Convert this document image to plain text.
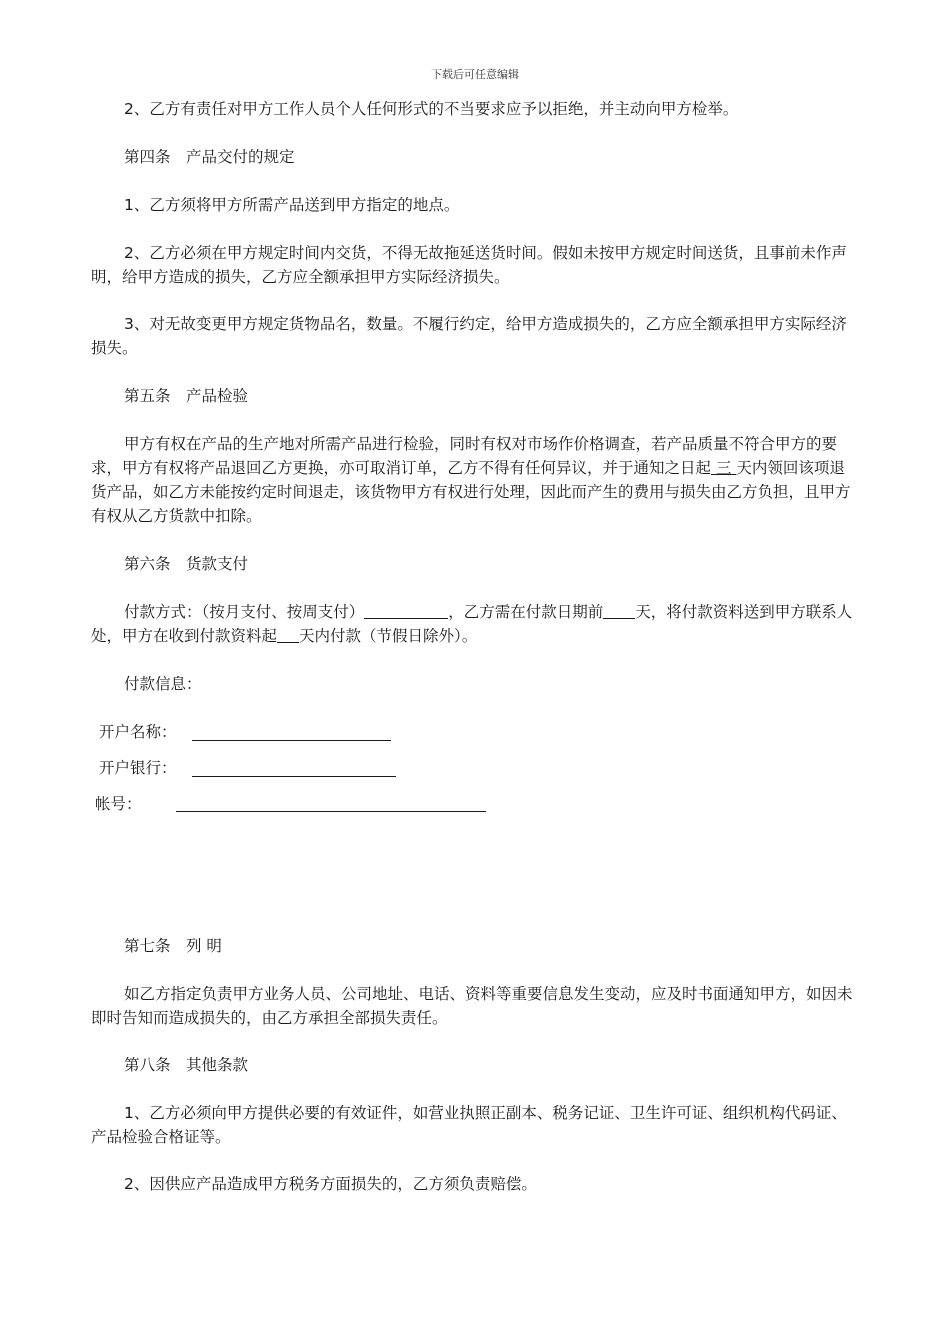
下载后可任意编辑

2、乙方有责任对甲方工作人员个人任何形式的不当要求应予以拒绝，并主动向甲方检举。

第四条　产品交付的规定

1、乙方须将甲方所需产品送到甲方指定的地点。

2、乙方必须在甲方规定时间内交货，不得无故拖延送货时间。假如未按甲方规定时间送货，且事前未作声明，给甲方造成的损失，乙方应全额承担甲方实际经济损失。

3、对无故变更甲方规定货物品名，数量。不履行约定，给甲方造成损失的，乙方应全额承担甲方实际经济损失。

第五条　产品检验

甲方有权在产品的生产地对所需产品进行检验，同时有权对市场作价格调查，若产品质量不符合甲方的要求，甲方有权将产品退回乙方更换，亦可取消订单，乙方不得有任何异议，并于通知之日起 三 天内领回该项退货产品，如乙方未能按约定时间退走，该货物甲方有权进行处理，因此而产生的费用与损失由乙方负担，且甲方有权从乙方货款中扣除。

第六条　货款支付

付款方式：（按月支付、按周支付）	，乙方需在付款日期前 天，将付款资料送到甲方联系人处，甲方在收到付款资料起 天内付款（节假日除外）。

付款信息：
开户名称：
开户银行：
帐号：
第七条　列 明

如乙方指定负责甲方业务人员、公司地址、电话、资料等重要信息发生变动，应及时书面通知甲方，如因未即时告知而造成损失的，由乙方承担全部损失责任。

第八条　其他条款

1、乙方必须向甲方提供必要的有效证件，如营业执照正副本、税务记证、卫生许可证、组织机构代码证、产品检验合格证等。

2、因供应产品造成甲方税务方面损失的，乙方须负责赔偿。
